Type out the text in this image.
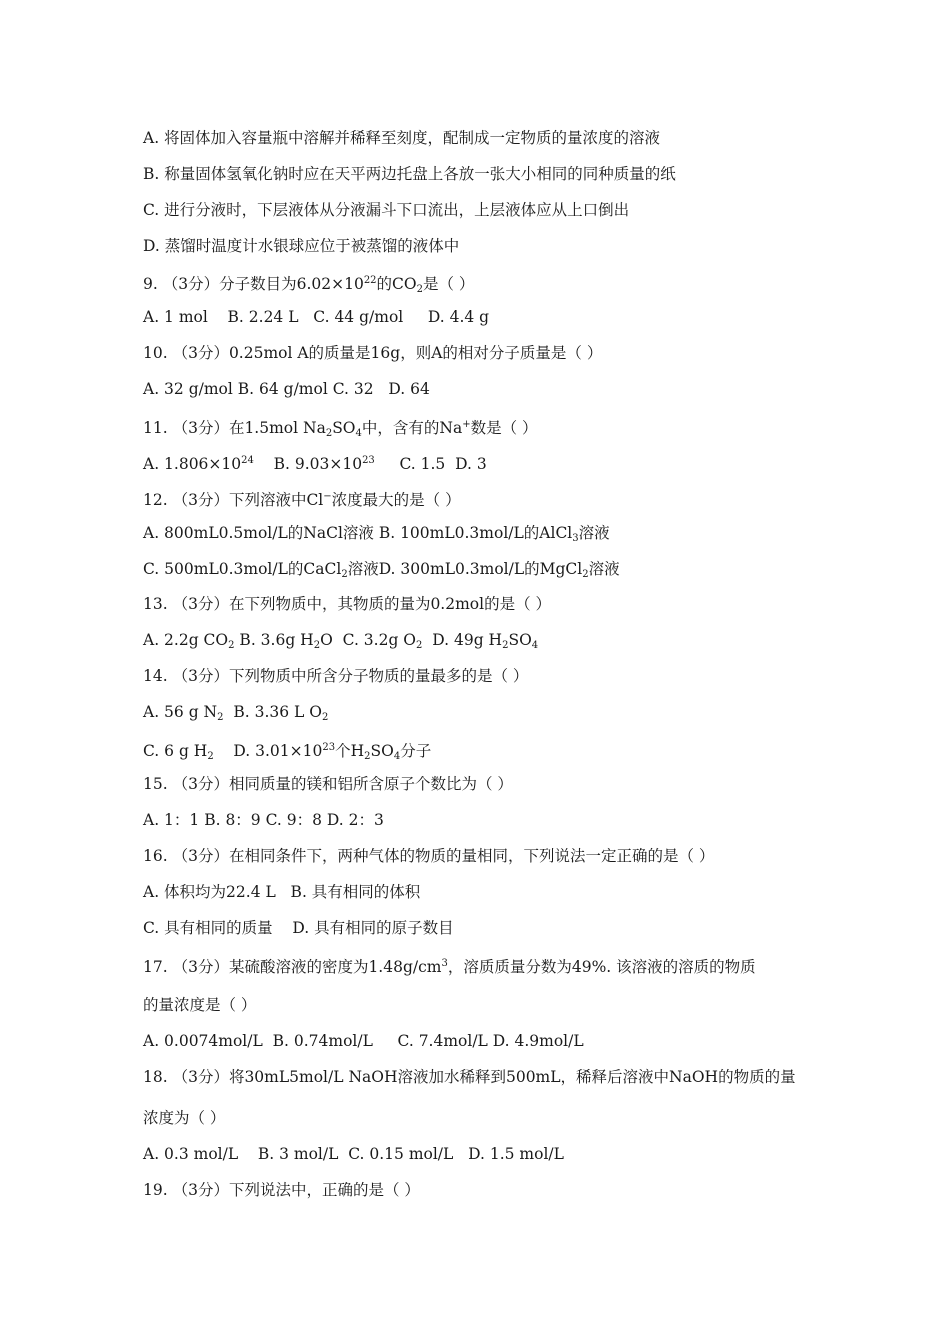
A. 将固体加入容量瓶中溶解并稀释至刻度，配制成一定物质的量浓度的溶液
B. 称量固体氢氧化钠时应在天平两边托盘上各放一张大小相同的同种质量的纸
C. 进行分液时，下层液体从分液漏斗下口流出，上层液体应从上口倒出
D. 蒸馏时温度计水银球应位于被蒸馏的液体中
9. （3分）分子数目为$6.02\times 10^{22}$的$CO_2$是（ ）
A. 1 mol    B. 2.24 L   C. 44 g/mol     D. 4.4 g
10. （3分）0.25mol A的质量是16g，则A的相对分子质量是（ ）
A. 32 g/mol B. 64 g/mol C. 32   D. 64
11. （3分）在1.5mol $Na_2SO_4$中，含有的Na+数是（ ）
A. $1.806\times 10^{24}$ B. $9.03\times 10^{23}$ C. 1.5  D. 3
12. （3分）下列溶液中Cl−浓度最大的是（ ）
A. 800mL0.5mol/L的NaCl溶液 B. 100mL0.3mol/L的AlCl$_3$溶液
C. 500mL0.3mol/L的CaCl$_2$溶液D. 300mL0.3mol/L的MgCl$_2$溶液
13. （3分）在下列物质中，其物质的量为0.2mol的是（ ）
A. 2.2g $CO_2$ B. 3.6g $H_2O$  C. 3.2g $O_2$  D. 49g $H_2SO_4$
14. （3分）下列物质中所含分子物质的量最多的是（ ）
A. 56 g $N_2$  B. 3.36 L $O_2$
C. 6 g $H_2$    D. $3.01\times 10^{23}$个$H_2SO_4$分子
15. （3分）相同质量的镁和铝所含原子个数比为（ ）
A. 1：1 B. 8：9 C. 9：8 D. 2：3
16. （3分）在相同条件下，两种气体的物质的量相同，下列说法一定正确的是（ ）
A. 体积均为22.4 L   B. 具有相同的体积
C. 具有相同的质量    D. 具有相同的原子数目
17. （3分）某硫酸溶液的密度为$1.48g/cm^3$，溶质质量分数为49%. 该溶液的溶质的物质
的量浓度是（ ）
A. 0.0074mol/L  B. 0.74mol/L     C. 7.4mol/L D. 4.9mol/L
18. （3分）将30mL5mol/L NaOH溶液加水稀释到500mL，稀释后溶液中NaOH的物质的量
浓度为（ ）
A. 0.3 mol/L    B. 3 mol/L  C. 0.15 mol/L   D. 1.5 mol/L
19. （3分）下列说法中，正确的是（ ）
